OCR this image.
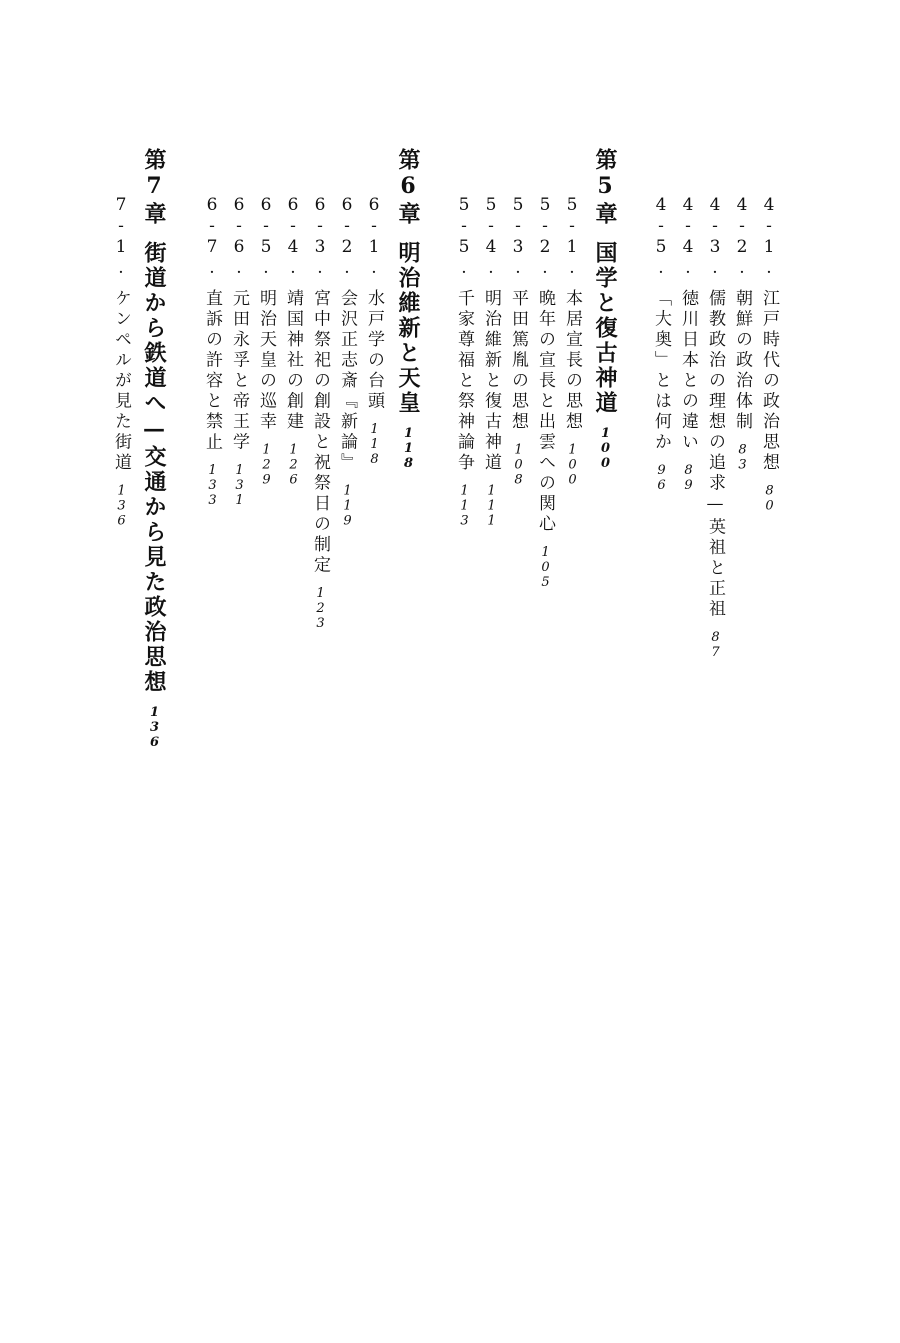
4-1.江戸時代の政治思想80
4-2.朝鮮の政治体制83
4-3.儒教政治の理想の追求—英祖と正祖87
4-4.徳川日本との違い89
4-5.「大奥」とは何か96
第5章国学と復古神道100
5-1.本居宣長の思想100
5-2.晩年の宣長と出雲への関心105
5-3.平田篤胤の思想108
5-4.明治維新と復古神道111
5-5.千家尊福と祭神論争113
第6章明治維新と天皇118
6-1.水戸学の台頭118
6-2.会沢正志斎『新論』119
6-3.宮中祭祀の創設と祝祭日の制定123
6-4.靖国神社の創建126
6-5.明治天皇の巡幸129
6-6.元田永孚と帝王学131
6-7.直訴の許容と禁止133
第7章街道から鉄道へ—交通から見た政治思想136
7-1.ケンペルが見た街道136
